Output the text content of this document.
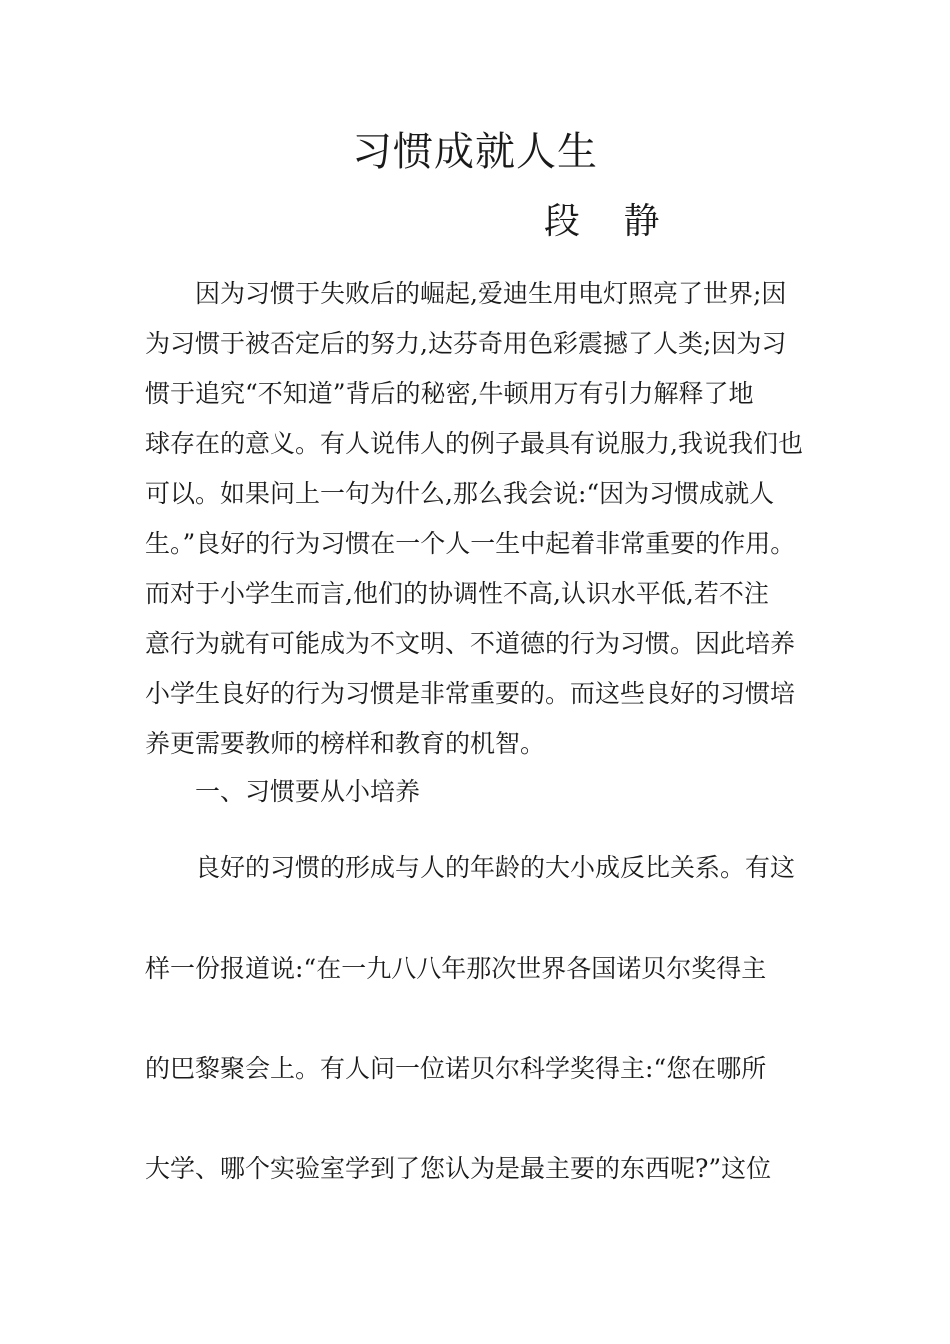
习惯成就人生
段 静
因为习惯于失败后的崛起,爱迪生用电灯照亮了世界;因
为习惯于被否定后的努力,达芬奇用色彩震撼了人类;因为习
惯于追究“不知道”背后的秘密,牛顿用万有引力解释了地
球存在的意义。有人说伟人的例子最具有说服力,我说我们也
可以。如果问上一句为什么,那么我会说:“因为习惯成就人
生。”良好的行为习惯在一个人一生中起着非常重要的作用。
而对于小学生而言,他们的协调性不高,认识水平低,若不注
意行为就有可能成为不文明、不道德的行为习惯。因此培养
小学生良好的行为习惯是非常重要的。而这些良好的习惯培
养更需要教师的榜样和教育的机智。
一、习惯要从小培养
良好的习惯的形成与人的年龄的大小成反比关系。有这
样一份报道说:“在一九八八年那次世界各国诺贝尔奖得主
的巴黎聚会上。有人问一位诺贝尔科学奖得主:“您在哪所
大学、哪个实验室学到了您认为是最主要的东西呢?”这位
